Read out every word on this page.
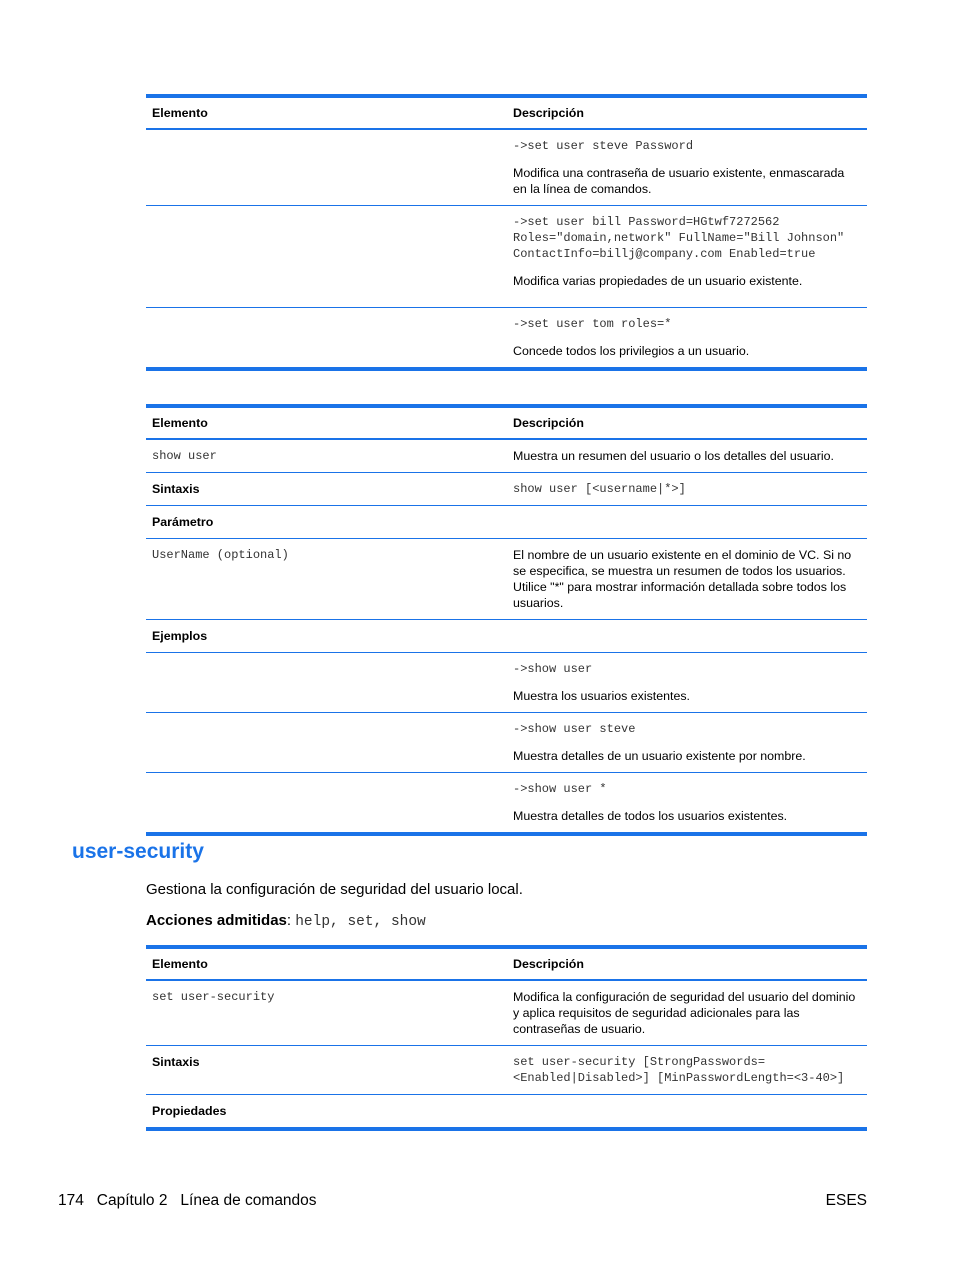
Elemento	Descripción

	->set user steve Password
Modifica una contraseña de usuario existente, enmascarada en la línea de comandos.

	->set user bill Password=HGtwf7272562 Roles="domain,network" FullName="Bill Johnson" ContactInfo=billj@company.com Enabled=true
Modifica varias propiedades de un usuario existente.

	->set user tom roles=*
Concede todos los privilegios a un usuario.
Elemento	Descripción
show user	Muestra un resumen del usuario o los detalles del usuario.
Sintaxis	show user [<username|*>]
Parámetro	
UserName (optional)	El nombre de un usuario existente en el dominio de VC. Si no se especifica, se muestra un resumen de todos los usuarios. Utilice "*" para mostrar información detallada sobre todos los usuarios.
Ejemplos	

	->show user
Muestra los usuarios existentes.

	->show user steve
Muestra detalles de un usuario existente por nombre.

	->show user *
Muestra detalles de todos los usuarios existentes.
user-security

Gestiona la configuración de seguridad del usuario local.

Acciones admitidas: help, set, show

Elemento	Descripción
set user-security	Modifica la configuración de seguridad del usuario del dominio y aplica requisitos de seguridad adicionales para las contraseñas de usuario.
Sintaxis	set user-security [StrongPasswords=<Enabled|Disabled>] [MinPasswordLength=<3-40>]
Propiedades	
174 Capítulo 2 Línea de comandos	ESES
